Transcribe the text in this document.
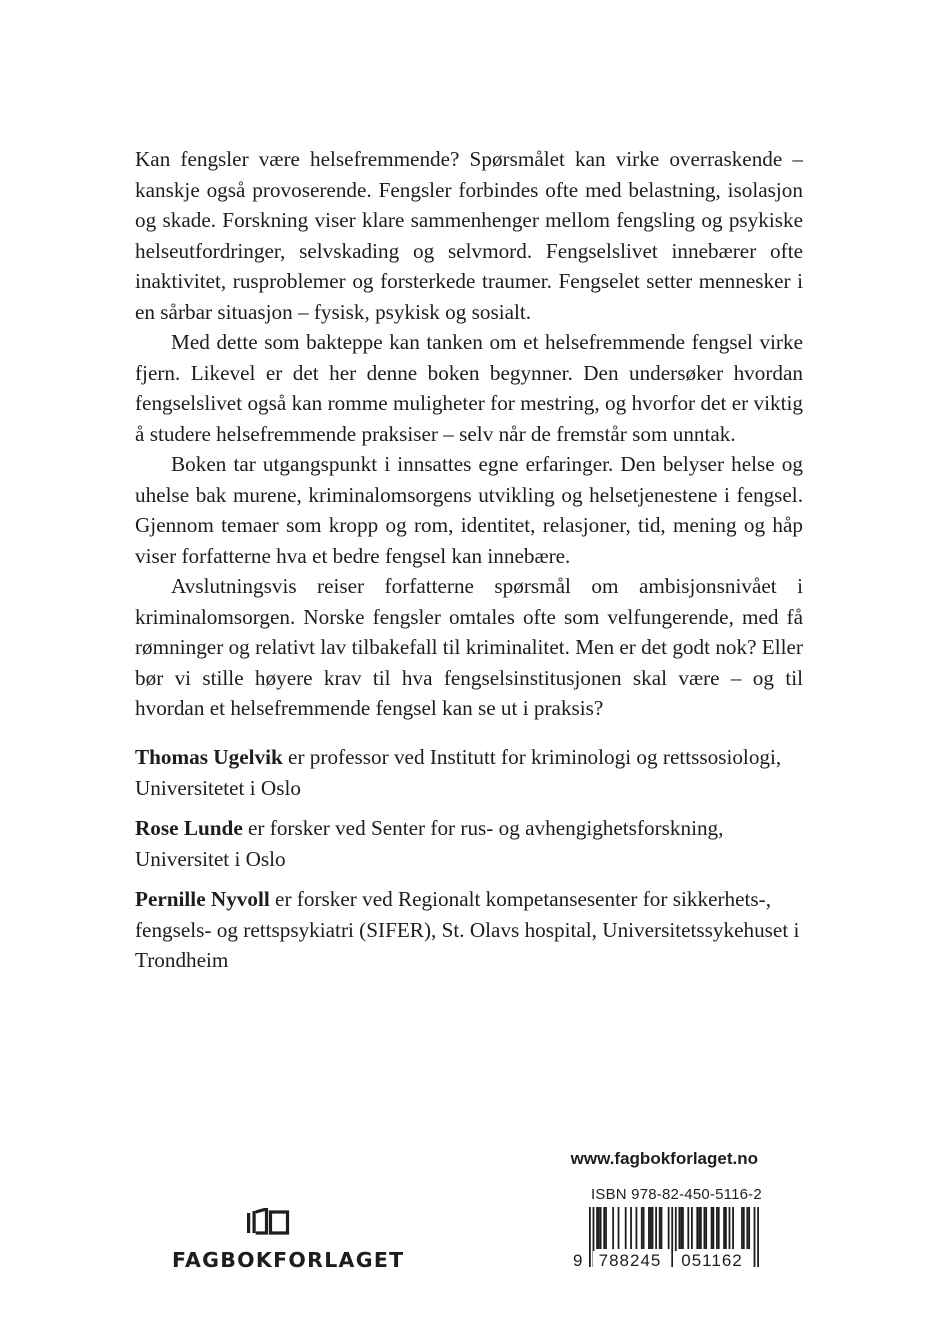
Kan fengsler være helsefremmende? Spørsmålet kan virke overraskende – kanskje også provoserende. Fengsler forbindes ofte med belastning, isolasjon og skade. Forskning viser klare sammenhenger mellom fengsling og psykiske helseutfordringer, selvskading og selvmord. Fengselslivet innebærer ofte inaktivitet, rusproblemer og forsterkede traumer. Fengselet setter mennesker i en sårbar situasjon – fysisk, psykisk og sosialt.

Med dette som bakteppe kan tanken om et helsefremmende fengsel virke fjern. Likevel er det her denne boken begynner. Den undersøker hvordan fengselslivet også kan romme muligheter for mestring, og hvorfor det er viktig å studere helsefremmende praksiser – selv når de fremstår som unntak.

Boken tar utgangspunkt i innsattes egne erfaringer. Den belyser helse og uhelse bak murene, kriminalomsorgens utvikling og helsetjenestene i fengsel. Gjennom temaer som kropp og rom, identitet, relasjoner, tid, mening og håp viser forfatterne hva et bedre fengsel kan innebære.

Avslutningsvis reiser forfatterne spørsmål om ambisjonsnivået i kriminalomsorgen. Norske fengsler omtales ofte som velfungerende, med få rømninger og relativt lav tilbakefall til kriminalitet. Men er det godt nok? Eller bør vi stille høyere krav til hva fengselsinstitusjonen skal være – og til hvordan et helsefremmende fengsel kan se ut i praksis?

Thomas Ugelvik er professor ved Institutt for kriminologi og rettssosiologi, Universitetet i Oslo

Rose Lunde er forsker ved Senter for rus- og avhengighetsforskning, Universitet i Oslo

Pernille Nyvoll er forsker ved Regionalt kompetansesenter for sikkerhets-, fengsels- og rettspsykiatri (SIFER), St. Olavs hospital, Universitetssykehuset i Trondheim

www.fagbokforlaget.no
ISBN 978-82-450-5116-2
9 788245	051162
FAGBOKFORLAGET
